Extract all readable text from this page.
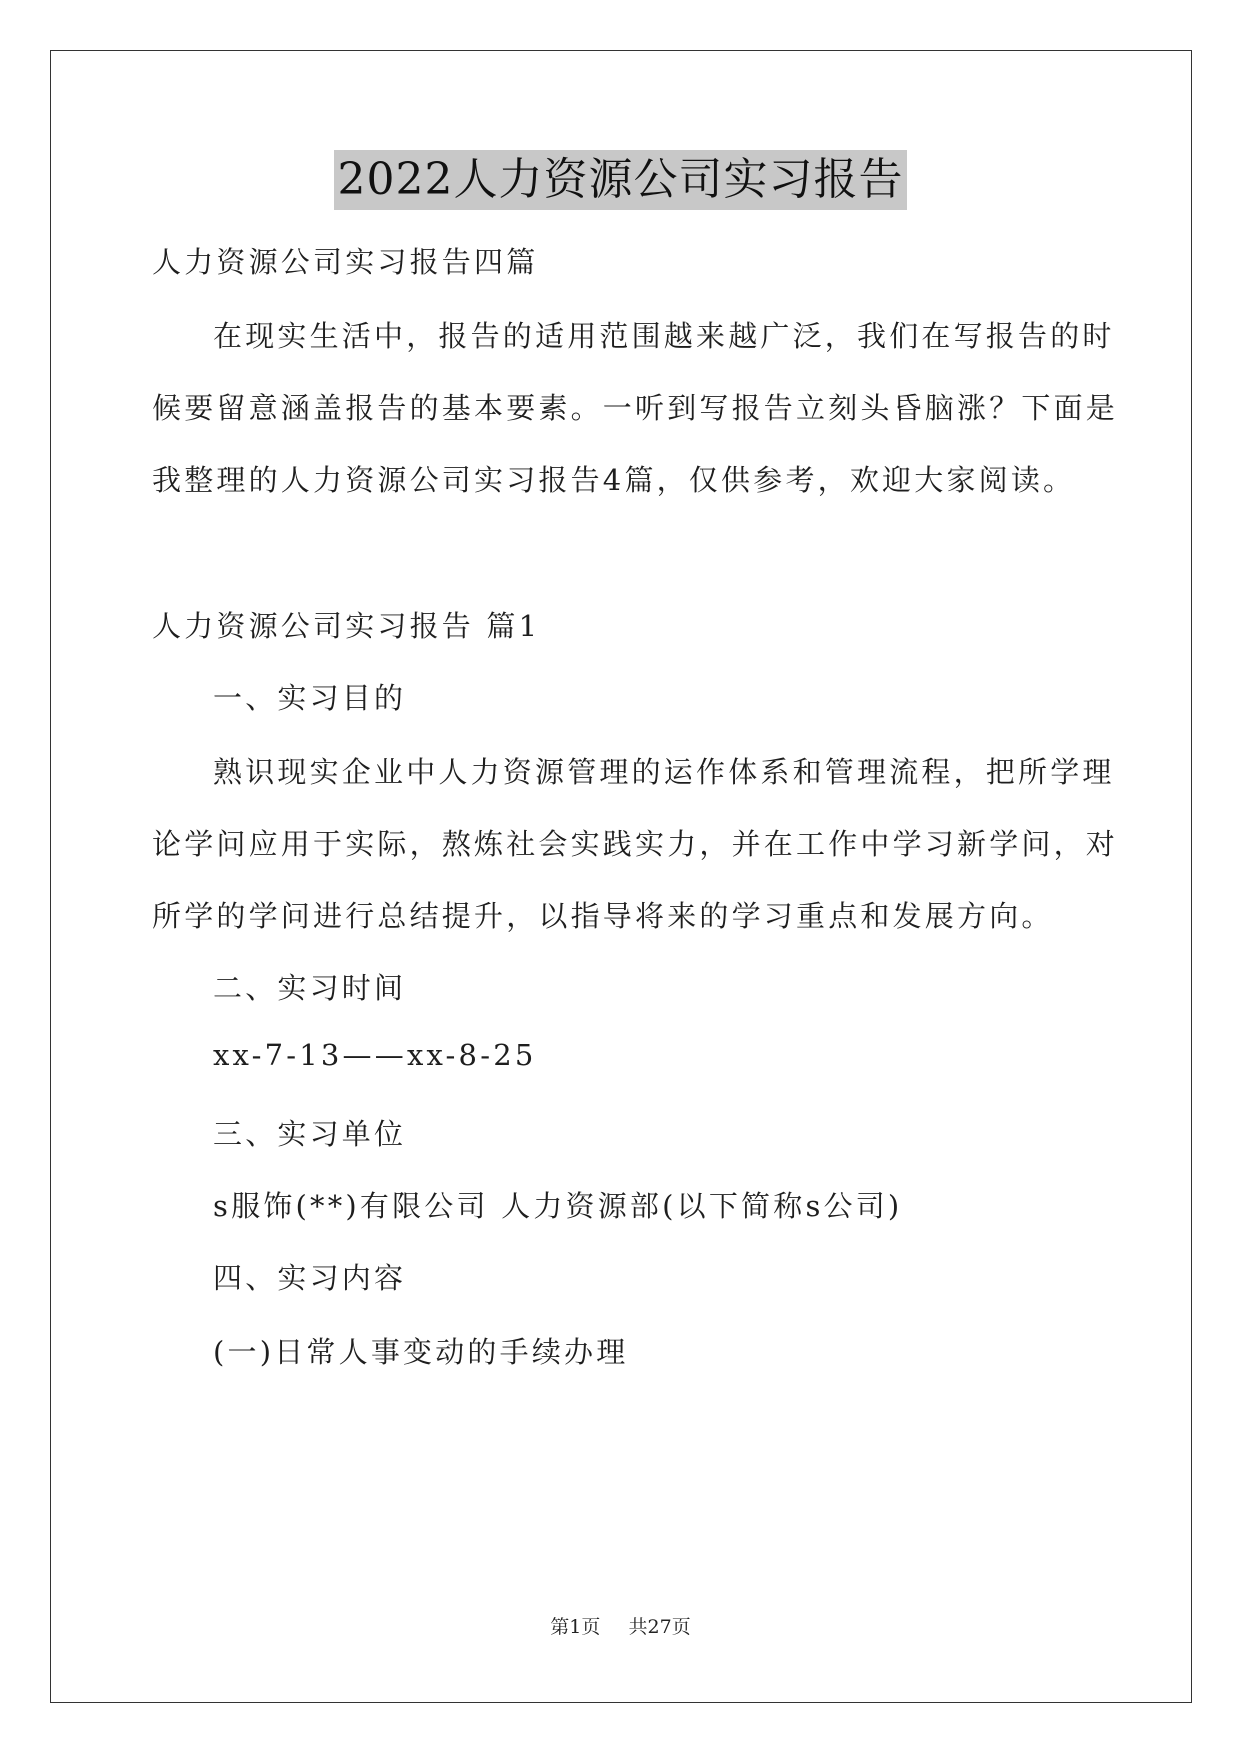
2022人力资源公司实习报告
人力资源公司实习报告四篇
在现实生活中，报告的适用范围越来越广泛，我们在写报告的时
候要留意涵盖报告的基本要素。一听到写报告立刻头昏脑涨？下面是
我整理的人力资源公司实习报告4篇，仅供参考，欢迎大家阅读。
人力资源公司实习报告 篇1
一、实习目的
熟识现实企业中人力资源管理的运作体系和管理流程，把所学理
论学问应用于实际，熬炼社会实践实力，并在工作中学习新学问，对
所学的学问进行总结提升，以指导将来的学习重点和发展方向。
二、实习时间
xx-7-13——xx-8-25
三、实习单位
s服饰(**)有限公司 人力资源部(以下简称s公司)
四、实习内容
(一)日常人事变动的手续办理
第1页 共27页
